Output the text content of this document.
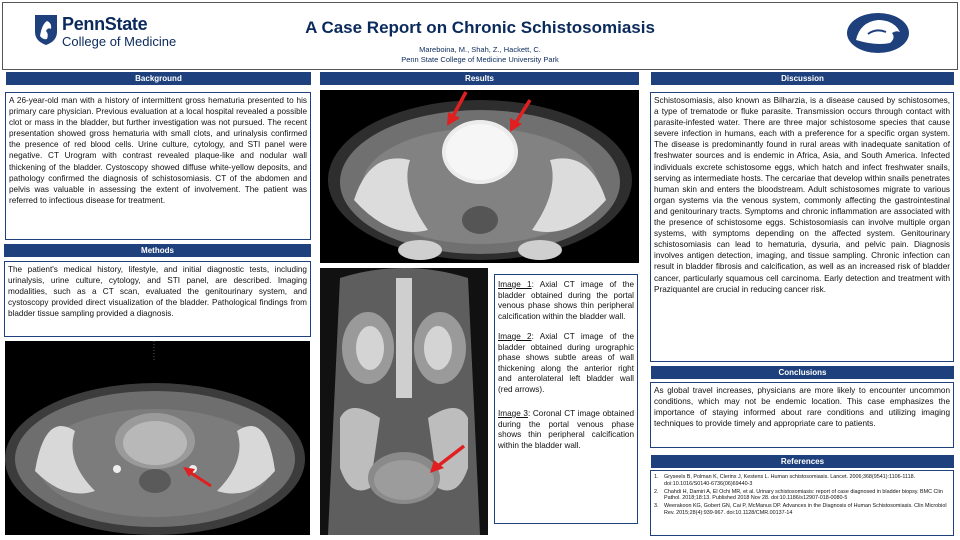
PennState
College of Medicine
A Case Report on Chronic Schistosomiasis
Mareboina, M., Shah, Z., Hackett, C.
Penn State College of Medicine University Park
Background

A 26-year-old man with a history of intermittent gross hematuria presented to his primary care physician. Previous evaluation at a local hospital revealed a possible clot or mass in the bladder, but further investigation was not pursued. The recent presentation showed gross hematuria with small clots, and urinalysis confirmed the presence of red blood cells. Urine culture, cytology, and STI panel were negative. CT Urogram with contrast revealed plaque-like and nodular wall thickening of the bladder. Cystoscopy showed diffuse white-yellow deposits, and pathology confirmed the diagnosis of schistosomiasis. CT of the abdomen and pelvis was valuable in assessing the extent of involvement. The patient was referred to infectious disease for treatment.

Methods

The patient's medical history, lifestyle, and initial diagnostic tests, including urinalysis, urine culture, cytology, and STI panel, are described. Imaging modalities, such as a CT scan, evaluated the genitourinary system, and cystoscopy provided direct visualization of the bladder. Pathological findings from bladder tissue sampling provided a diagnosis.

Results

Image 1: Axial CT image of the bladder obtained during the portal venous phase shows thin peripheral calcification within the bladder wall.

Image 2: Axial CT image of the bladder obtained during urographic phase shows subtle areas of wall thickening along the anterior right and anterolateral left bladder wall (red arrows).

Image 3: Coronal CT image obtained during the portal venous phase shows thin peripheral calcification within the bladder wall.

Discussion

Schistosomiasis, also known as Bilharzia, is a disease caused by schistosomes, a type of trematode or fluke parasite. Transmission occurs through contact with parasite-infested water. There are three major schistosome species that cause severe infection in humans, each with a preference for a specific organ system. The disease is predominantly found in rural areas with inadequate sanitation of freshwater sources and is endemic in Africa, Asia, and South America. Infected individuals excrete schistosome eggs, which hatch and infect freshwater snails, serving as intermediate hosts. The cercariae that develop within snails penetrates human skin and enters the bloodstream. Adult schistosomes migrate to various organ systems via the venous system, commonly affecting the gastrointestinal and genitourinary tracts. Symptoms and chronic inflammation are associated with the presence of schistosome eggs. Schistosomiasis can involve multiple organ systems, with symptoms depending on the affected system. Genitourinary schistosomiasis can lead to hematuria, dysuria, and pelvic pain. Diagnosis involves antigen detection, imaging, and tissue sampling. Chronic infection can result in bladder fibrosis and calcification, as well as an increased risk of bladder cancer, particularly squamous cell carcinoma. Early detection and treatment with Praziquantel are crucial in reducing cancer risk.

Conclusions

As global travel increases, physicians are more likely to encounter uncommon conditions, which may not be endemic location. This case emphasizes the importance of staying informed about rare conditions and utilizing imaging techniques to provide timely and appropriate care to patients.

References
1. Gryseels B, Polman K, Clerinx J, Kestens L. Human schistosomiasis. Lancet. 2006;368(9541):1106-1118. doi:10.1016/S0140-6736(06)69440-3
2. Chahdi H, Damiri A, El Ochi MR, et al. Urinary schistosomiasis: report of case diagnosed in bladder biopsy. BMC Clin Pathol. 2018;18:13. Published 2018 Nov 28. doi:10.1186/s12907-018-0080-5
3. Weerakoon KG, Gobert GN, Cai P, McManus DP. Advances in the Diagnosis of Human Schistosomiasis. Clin Microbiol Rev. 2015;28(4):939-967. doi:10.1128/CMR.00137-14
